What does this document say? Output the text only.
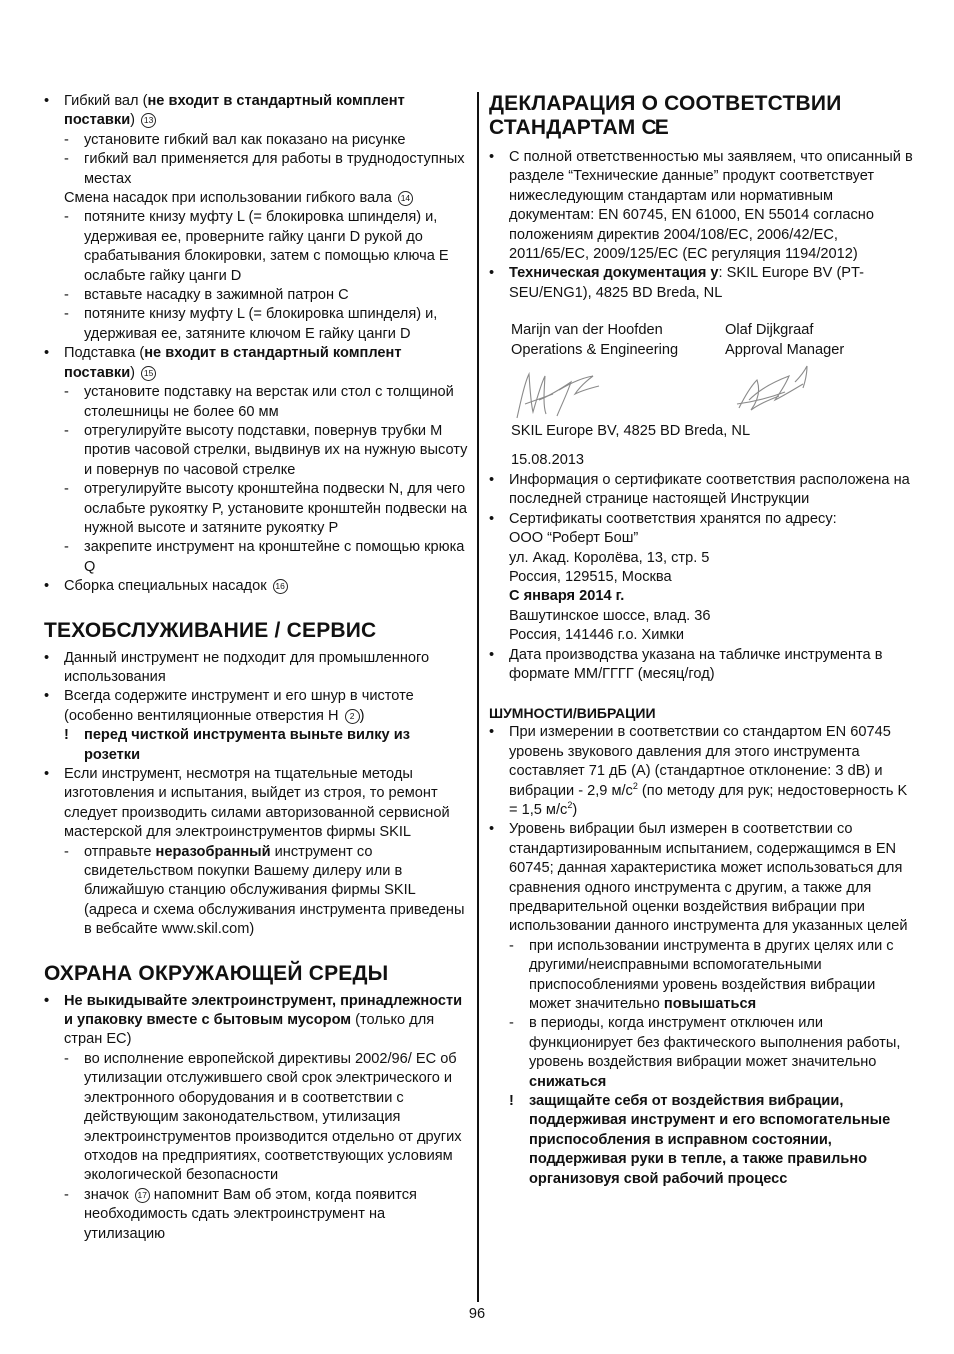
• Гибкий вал (не входит в стандартный комплент поставки) 13
- установите гибкий вал как показано на рисунке
- гибкий вал применяется для работы в труднодоступных местах
Смена насадок при использовании гибкого вала 14
- потяните книзу муфту L (= блокировка шпинделя) и, удерживая ее, проверните гайку цанги D рукой до срабатывания блокировки, затем с помощью ключа E ослабьте гайку цанги D
- вставьте насадку в зажимной патрон C
- потяните книзу муфту L (= блокировка шпинделя) и, удерживая ее, затяните ключом E гайку цанги D
• Подставка (не входит в стандартный комплент поставки) 15
- установите подставку на верстак или стол с толщиной столешницы не более 60 мм
- отрегулируйте высоту подставки, повернув трубки M против часовой стрелки, выдвинув их на нужную высоту и повернув по часовой стрелке
- отрегулируйте высоту кронштейна подвески N, для чего ослабьте рукоятку P, установите кронштейн подвески на нужной высоте и затяните рукоятку P
- закрепите инструмент на кронштейне с помощью крюка Q
• Сборка специальных насадок 16
ТЕХОБСЛУЖИВАНИЕ / СЕРВИС
• Данный инструмент не подходит для промышленного использования
• Всегда содержите инструмент и его шнур в чистоте (особенно вентиляционные отверстия H 2 )
! перед чисткой инструмента выньте вилку из розетки
• Если инструмент, несмотря на тщательные методы изготовления и испытания, выйдет из строя, то ремонт следует производить силами авторизованной сервисной мастерской для электроинструментов фирмы SKIL
- отправьте неразобранный инструмент со свидетельством покупки Вашему дилеру или в ближайшую станцию обслуживания фирмы SKIL (адреса и схема обслуживания инструмента приведены в вебсайте www.skil.com)
ОХРАНА ОКРУЖАЮЩЕЙ СРЕДЫ
• Не выкидывайте электроинструмент, принадлежности и упаковку вместе с бытовым мусором (только для стран ЕС)
- во исполнение европейской директивы 2002/96/ ЕС об утилизации отслужившего свой срок электрического и электронного оборудования и в соответствии с действующим законодательством, утилизация электроинструментов производится отдельно от других отходов на предприятиях, соответствующих условиям экологической безопасности
- значок 17 напомнит Вам об этом, когда появится необходимость сдать электроинструмент на утилизацию
ДЕКЛАРАЦИЯ О СООТВЕТСТВИИ
СТАНДАРТАМ CE
• С полной ответственностью мы заявляем, что описанный в разделе “Технические данные” продукт соответствует нижеследующим стандартам или нормативным документам: EN 60745, EN 61000, EN 55014 согласно положениям директив 2004/108/EC, 2006/42/EC, 2011/65/EC, 2009/125/EC (ЕС регуляция 1194/2012)
• Техническая документация у: SKIL Europe BV (PT-SEU/ENG1), 4825 BD Breda, NL
Marijn van der Hoofden
Operations & Engineering
Olaf Dijkgraaf
Approval Manager
SKIL Europe BV, 4825 BD Breda, NL
15.08.2013
• Информация о сертификате соответствия расположена на последней странице настоящей Инструкции
• Сертификаты соответствия хранятся по адресу:
ООО “Роберт Бош”
ул. Акад. Королёва, 13, стр. 5
Россия, 129515, Москва
С января 2014 г.
Вашутинское шоссе, влад. 36
Россия, 141446 г.о. Химки
• Дата производства указана на табличке инструмента в формате ММ/ГГГГ (месяц/год)
ШУМНОСТИ/ВИБРАЦИИ
• При измерении в соответствии со стандартом EN 60745 уровень звукового давления для этого инструмента составляет 71 дБ (A) (стандартное отклонение: 3 dB) и вибрации - 2,9 $м/с^2$ (по методу для рук; недостоверность K = 1,5 $м/с^2$)
• Уровень вибрации был измерен в соответствии со стандартизированным испытанием, содержащимся в EN 60745; данная характеристика может использоваться для сравнения одного инструмента с другим, а также для предварительной оценки воздействия вибрации при использовании данного инструмента для указанных целей
- при использовании инструмента в других целях или с другими/неисправными вспомогательными приспособлениями уровень воздействия вибрации может значительно повышаться
- в периоды, когда инструмент отключен или функционирует без фактического выполнения работы, уровень воздействия вибрации может значительно снижаться
! защищайте себя от воздействия вибрации, поддерживая инструмент и его вспомогательные приспособления в исправном состоянии, поддерживая руки в тепле, а также правильно организовуя свой рабочий процесс
96
